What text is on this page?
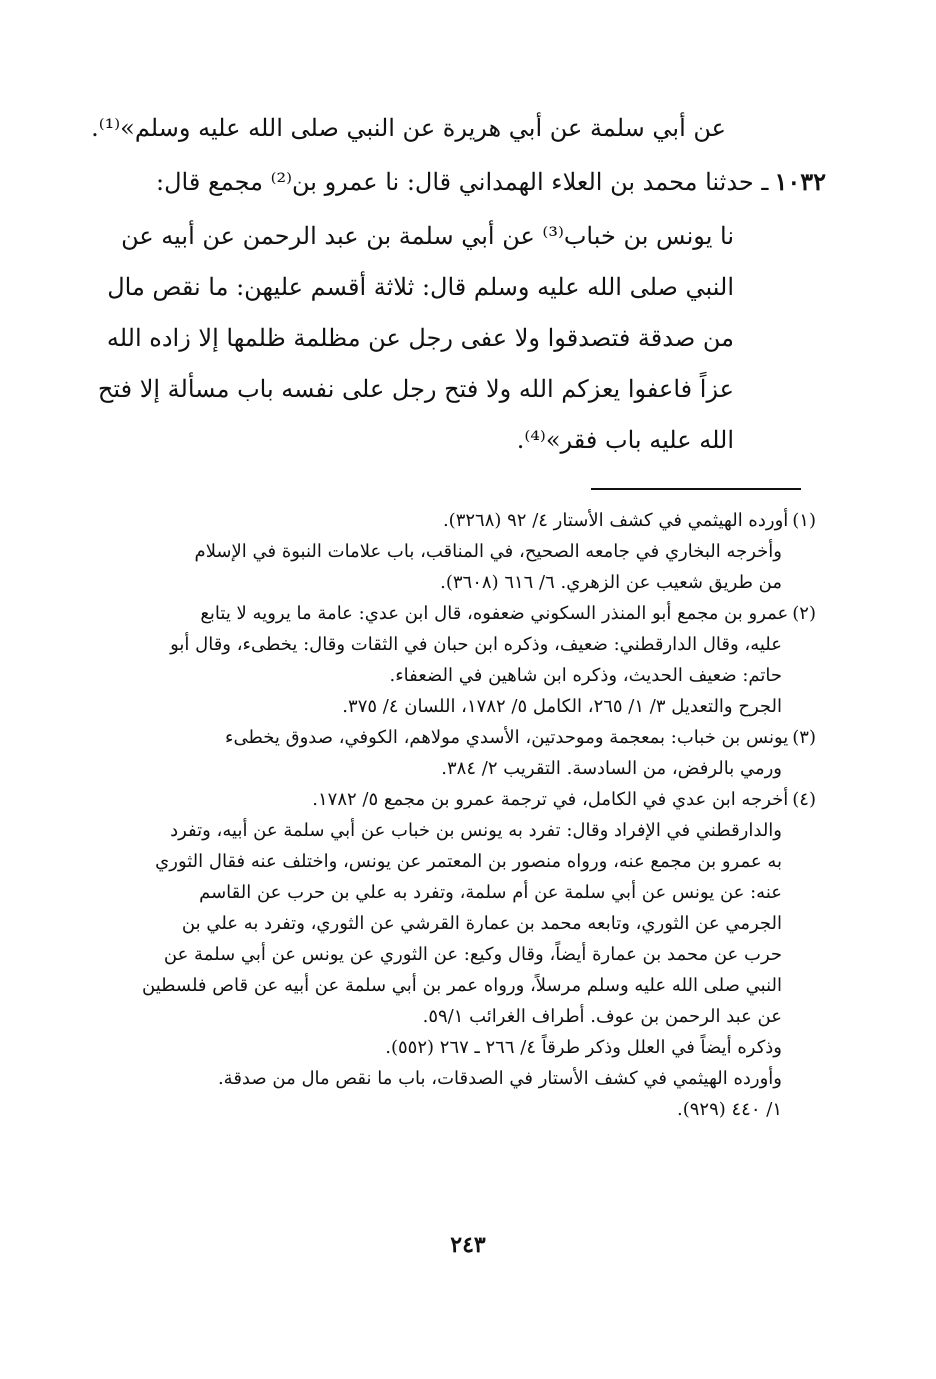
عن أبي سلمة عن أبي هريرة عن النبي صلى الله عليه وسلم»⁽¹⁾.

١٠٣٢ـ حدثنا محمد بن العلاء الهمداني قال: نا عمرو بن⁽²⁾ مجمع قال:

نا يونس بن خباب⁽³⁾ عن أبي سلمة بن عبد الرحمن عن أبيه عن

النبي صلى الله عليه وسلم قال: ثلاثة أقسم عليهن: ما نقص مال

من صدقة فتصدقوا ولا عفى رجل عن مظلمة ظلمها إلا زاده الله

عزاً فاعفوا يعزكم الله ولا فتح رجل على نفسه باب مسألة إلا فتح

الله عليه باب فقر»⁽⁴⁾.

(١)أورده الهيثمي في كشف الأستار ٤/ ٩٢ (٣٢٦٨).

وأخرجه البخاري في جامعه الصحيح، في المناقب، باب علامات النبوة في الإسلام

من طريق شعيب عن الزهري. ٦/ ٦١٦ (٣٦٠٨).

(٢)عمرو بن مجمع أبو المنذر السكوني ضعفوه، قال ابن عدي: عامة ما يرويه لا يتابع

عليه، وقال الدارقطني: ضعيف، وذكره ابن حبان في الثقات وقال: يخطىء، وقال أبو

حاتم: ضعيف الحديث، وذكره ابن شاهين في الضعفاء.

الجرح والتعديل ٣/ ١/ ٢٦٥، الكامل ٥/ ١٧٨٢، اللسان ٤/ ٣٧٥.

(٣)يونس بن خباب: بمعجمة وموحدتين، الأسدي مولاهم، الكوفي، صدوق يخطىء

ورمي بالرفض، من السادسة. التقريب ٢/ ٣٨٤.

(٤)أخرجه ابن عدي في الكامل، في ترجمة عمرو بن مجمع ٥/ ١٧٨٢.

والدارقطني في الإفراد وقال: تفرد به يونس بن خباب عن أبي سلمة عن أبيه، وتفرد

به عمرو بن مجمع عنه، ورواه منصور بن المعتمر عن يونس، واختلف عنه فقال الثوري

عنه: عن يونس عن أبي سلمة عن أم سلمة، وتفرد به علي بن حرب عن القاسم

الجرمي عن الثوري، وتابعه محمد بن عمارة القرشي عن الثوري، وتفرد به علي بن

حرب عن محمد بن عمارة أيضاً، وقال وكيع: عن الثوري عن يونس عن أبي سلمة عن

النبي صلى الله عليه وسلم مرسلاً، ورواه عمر بن أبي سلمة عن أبيه عن قاص فلسطين

عن عبد الرحمن بن عوف. أطراف الغرائب ٥٩/١.

وذكره أيضاً في العلل وذكر طرقاً ٤/ ٢٦٦ ـ ٢٦٧ (٥٥٢).

وأورده الهيثمي في كشف الأستار في الصدقات، باب ما نقص مال من صدقة.

١/ ٤٤٠ (٩٢٩).

٢٤٣
